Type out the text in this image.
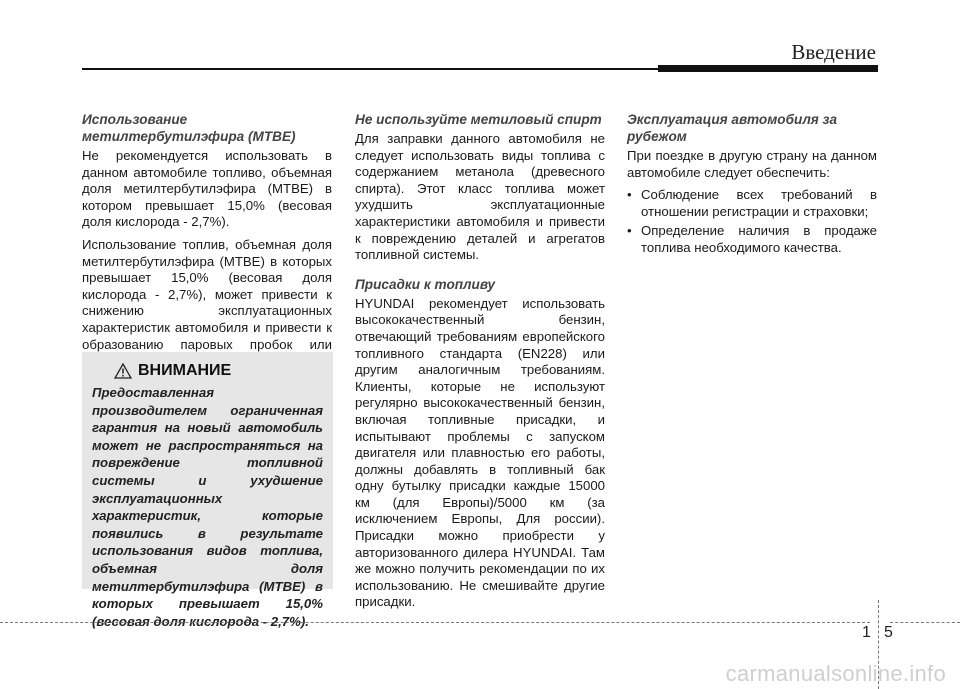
Введение
Использование метилтербутилэфира (MTBE)

Не рекомендуется использовать в данном автомобиле топливо, объемная доля метилтербутилэфира (MTBE) в котором превышает 15,0% (весовая доля кислорода - 2,7%).

Использование топлив, объемная доля метилтербутилэфира (MTBE) в которых превышает 15,0% (весовая доля кислорода - 2,7%), может привести к снижению эксплуатационных характеристик автомобиля и привести к образованию паровых пробок или

ВНИМАНИЕ

Предоставленная производителем ограниченная гарантия на новый автомобиль может не распространяться на повреждение топливной системы и ухудшение эксплуатационных характеристик, которые появились в результате использования видов топлива, объемная доля метилтербутилэфира (MTBE) в которых превышает 15,0% (весовая доля кислорода - 2,7%).

Не используйте метиловый спирт

Для заправки данного автомобиля не следует использовать виды топлива с содержанием метанола (древесного спирта). Этот класс топлива может ухудшить эксплуатационные характеристики автомобиля и привести к повреждению деталей и агрегатов топливной системы.

Присадки к топливу

HYUNDAI рекомендует использовать высококачественный бензин, отвечающий требованиям европейского топливного стандарта (EN228) или другим аналогичным требованиям. Клиенты, которые не используют регулярно высококачественный бензин, включая топливные присадки, и испытывают проблемы с запуском двигателя или плавностью его работы, должны добавлять в топливный бак одну бутылку присадки каждые 15000 км (для Европы)/5000 км (за исключением Европы, Для россии). Присадки можно приобрести у авторизованного дилера HYUNDAI. Там же можно получить рекомендации по их использованию. Не смешивайте другие присадки.

Эксплуатация автомобиля за рубежом

При поездке в другую страну на данном автомобиле следует обеспечить:

• Соблюдение всех требований в отношении регистрации и страховки;
• Определение наличия в продаже топлива необходимого качества.
1 5
carmanualsonline.info
